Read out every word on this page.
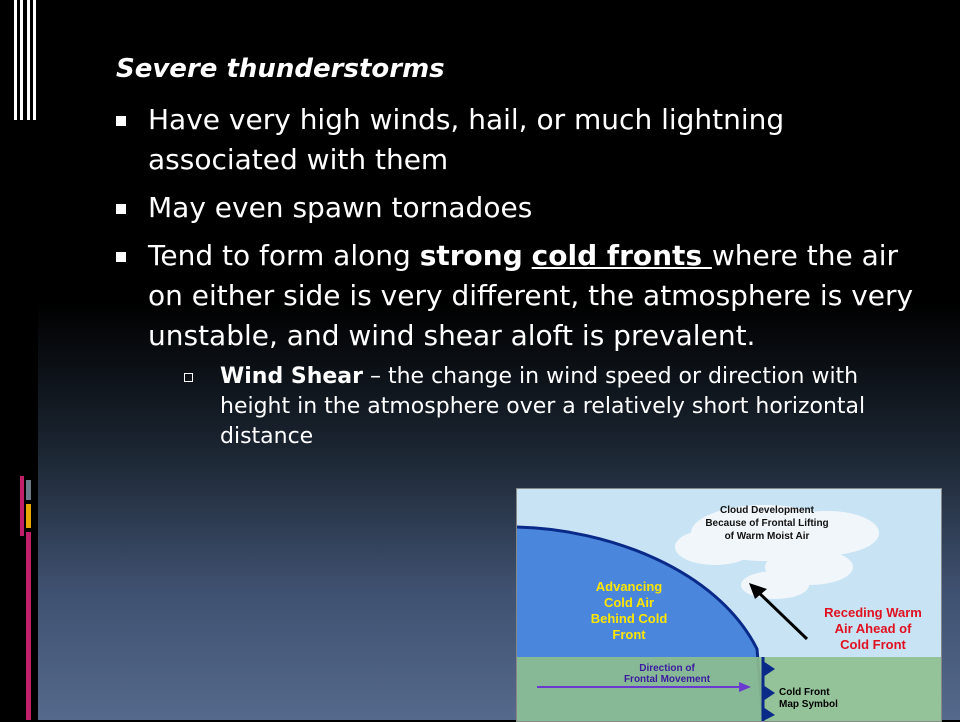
Severe thunderstorms
Have very high winds, hail, or much lightning associated with them
May even spawn tornadoes
Tend to form along strong cold fronts where the air on either side is very different, the atmosphere is very unstable, and wind shear aloft is prevalent.
Wind Shear – the change in wind speed or direction with height in the atmosphere over a relatively short horizontal distance
Cloud Development
Because of Frontal Lifting
of Warm Moist Air
Advancing
Cold Air
Behind Cold
Front
Receding Warm
Air Ahead of
Cold Front
Direction of
Frontal Movement
Cold Front
Map Symbol
